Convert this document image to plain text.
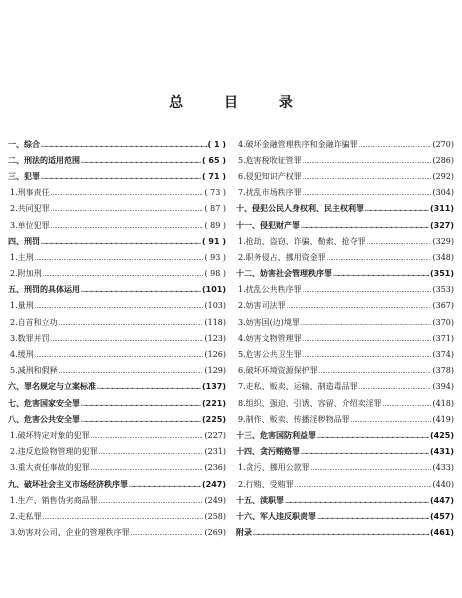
总 目 录
一、综合 ……………………………………………………………………………………………………………………………………	( 1 )
二、刑法的适用范围 ……………………………………………………………………………………………………………………………………	( 65 )
三、犯罪 ……………………………………………………………………………………………………………………………………	( 71 )
1.刑事责任 ……………………………………………………………………………………………………………………………………	( 73 )
2.共同犯罪 ……………………………………………………………………………………………………………………………………	( 87 )
3.单位犯罪 ……………………………………………………………………………………………………………………………………	( 89 )
四、刑罚 ……………………………………………………………………………………………………………………………………	( 91 )
1.主刑 ……………………………………………………………………………………………………………………………………	( 93 )
2.附加刑 ……………………………………………………………………………………………………………………………………	( 98 )
五、刑罚的具体运用 ……………………………………………………………………………………………………………………………………	(101)
1.量刑 ……………………………………………………………………………………………………………………………………	(103)
2.自首和立功 ……………………………………………………………………………………………………………………………………	(118)
3.数罪并罚 ……………………………………………………………………………………………………………………………………	(123)
4.缓刑 ……………………………………………………………………………………………………………………………………	(126)
5.减刑和假释 ……………………………………………………………………………………………………………………………………	(129)
六、罪名规定与立案标准 ……………………………………………………………………………………………………………………………………	(137)
七、危害国家安全罪 ……………………………………………………………………………………………………………………………………	(221)
八、危害公共安全罪 ……………………………………………………………………………………………………………………………………	(225)
1.破坏特定对象的犯罪 ……………………………………………………………………………………………………………………………………	(227)
2.违反危险物管理的犯罪 ……………………………………………………………………………………………………………………………………	(231)
3.重大责任事故的犯罪 ……………………………………………………………………………………………………………………………………	(236)
九、破坏社会主义市场经济秩序罪 ……………………………………………………………………………………………………………………………………	(247)
1.生产、销售伪劣商品罪 ……………………………………………………………………………………………………………………………………	(249)
2.走私罪 ……………………………………………………………………………………………………………………………………	(258)
3.妨害对公司、企业的管理秩序罪 ……………………………………………………………………………………………………………………………………	(269)
4.破坏金融管理秩序和金融诈骗罪 ……………………………………………………………………………………………………………………………………	(270)
5.危害税收征管罪 ……………………………………………………………………………………………………………………………………	(286)
6.侵犯知识产权罪 ……………………………………………………………………………………………………………………………………	(292)
7.扰乱市场秩序罪 ……………………………………………………………………………………………………………………………………	(304)
十、侵犯公民人身权利、民主权利罪 ……………………………………………………………………………………………………………………………………	(311)
十一、侵犯财产罪 ……………………………………………………………………………………………………………………………………	(327)
1.抢劫、盗窃、诈骗、勒索、抢夺罪 ……………………………………………………………………………………………………………………………………	(329)
2.职务侵占、挪用资金罪 ……………………………………………………………………………………………………………………………………	(348)
十二、妨害社会管理秩序罪 ……………………………………………………………………………………………………………………………………	(351)
1.扰乱公共秩序罪 ……………………………………………………………………………………………………………………………………	(353)
2.妨害司法罪 ……………………………………………………………………………………………………………………………………	(367)
3.妨害国(边)境罪 ……………………………………………………………………………………………………………………………………	(370)
4.妨害文物管理罪 ……………………………………………………………………………………………………………………………………	(371)
5.危害公共卫生罪 ……………………………………………………………………………………………………………………………………	(374)
6.破坏环境资源保护罪 ……………………………………………………………………………………………………………………………………	(378)
7.走私、贩卖、运输、制造毒品罪 ……………………………………………………………………………………………………………………………………	(394)
8.组织、强迫、引诱、容留、介绍卖淫罪 ……………………………………………………………………………………………………………………………………	(418)
9.制作、贩卖、传播淫秽物品罪 ……………………………………………………………………………………………………………………………………	(419)
十三、危害国防利益罪 ……………………………………………………………………………………………………………………………………	(425)
十四、贪污贿赂罪 ……………………………………………………………………………………………………………………………………	(431)
1.贪污、挪用公款罪 ……………………………………………………………………………………………………………………………………	(433)
2.行贿、受贿罪 ……………………………………………………………………………………………………………………………………	(440)
十五、渎职罪 ……………………………………………………………………………………………………………………………………	(447)
十六、军人违反职责罪 ……………………………………………………………………………………………………………………………………	(457)
附录 ……………………………………………………………………………………………………………………………………	(461)
